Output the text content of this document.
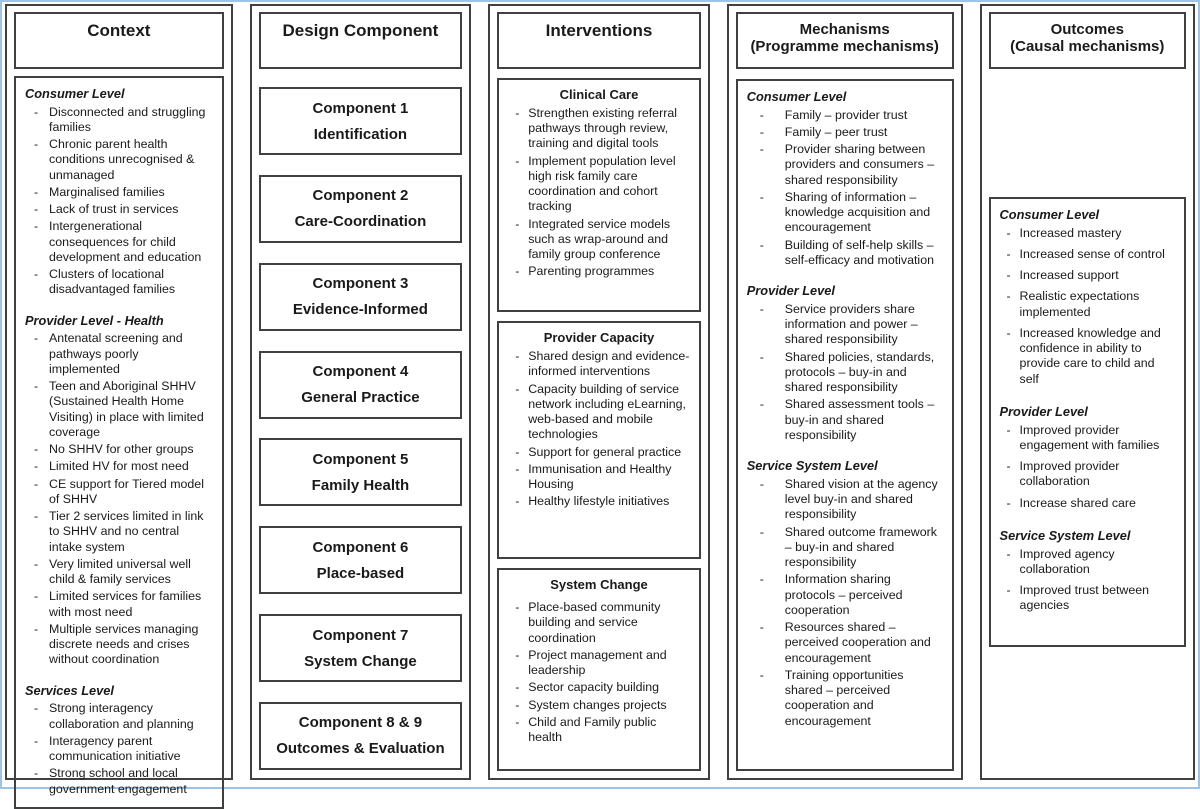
Context
Consumer Level
- Disconnected and struggling families
- Chronic parent health conditions unrecognised & unmanaged
- Marginalised families
- Lack of trust in services
- Intergenerational consequences for child development and education
- Clusters of locational disadvantaged families
Provider Level - Health
- Antenatal screening and pathways poorly implemented
- Teen and Aboriginal SHHV (Sustained Health Home Visiting) in place with limited coverage
- No SHHV for other groups
- Limited HV for most need
- CE support for Tiered model of SHHV
- Tier 2 services limited in link to SHHV and no central intake system
- Very limited universal well child & family services
- Limited services for families with most need
- Multiple services managing discrete needs and crises without coordination
Services Level
- Strong interagency collaboration and planning
- Interagency parent communication initiative
- Strong school and local government engagement
Design Component
Component 1
Identification
Component 2
Care-Coordination
Component 3
Evidence-Informed
Component 4
General Practice
Component 5
Family Health
Component 6
Place-based
Component 7
System Change
Component 8 & 9
Outcomes & Evaluation
Interventions
Clinical Care
- Strengthen existing referral pathways through review, training and digital tools
- Implement population level high risk family care coordination and cohort tracking
- Integrated service models such as wrap-around and family group conference
- Parenting programmes
Provider Capacity
- Shared design and evidence-informed interventions
- Capacity building of service network including eLearning, web-based and mobile technologies
- Support for general practice
- Immunisation and Healthy Housing
- Healthy lifestyle initiatives
System Change
- Place-based community building and service coordination
- Project management and leadership
- Sector capacity building
- System changes projects
- Child and Family public health
Mechanisms
(Programme mechanisms)
Consumer Level
- Family – provider trust
- Family – peer trust
- Provider sharing between providers and consumers – shared responsibility
- Sharing of information – knowledge acquisition and encouragement
- Building of self-help skills – self-efficacy and motivation
Provider Level
- Service providers share information and power – shared responsibility
- Shared policies, standards, protocols – buy-in and shared responsibility
- Shared assessment tools – buy-in and shared responsibility
Service System Level
- Shared vision at the agency level buy-in and shared responsibility
- Shared outcome framework – buy-in and shared responsibility
- Information sharing protocols – perceived cooperation
- Resources shared – perceived cooperation and encouragement
- Training opportunities shared – perceived cooperation and encouragement
Outcomes
(Causal mechanisms)
Consumer Level
- Increased mastery
- Increased sense of control
- Increased support
- Realistic expectations implemented
- Increased knowledge and confidence in ability to provide care to child and self
Provider Level
- Improved provider engagement with families
- Improved provider collaboration
- Increase shared care
Service System Level
- Improved agency collaboration
- Improved trust between agencies
